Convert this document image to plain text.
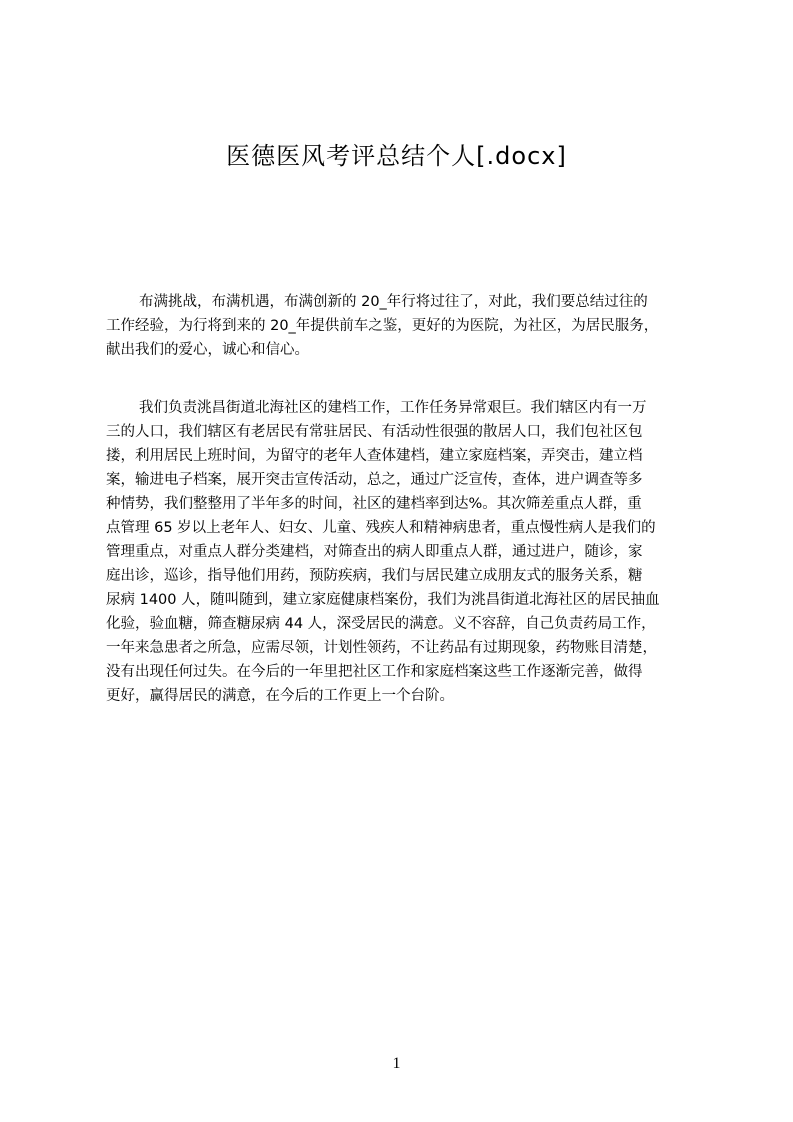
医德医风考评总结个人[.docx]
布满挑战，布满机遇，布满创新的 20_年行将过往了，对此，我们要总结过往的
工作经验，为行将到来的 20_年提供前车之鉴，更好的为医院，为社区，为居民服务，
献出我们的爱心，诚心和信心。
我们负责洮昌街道北海社区的建档工作，工作任务异常艰巨。我们辖区内有一万
三的人口，我们辖区有老居民有常驻居民、有活动性很强的散居人口，我们包社区包
搂，利用居民上班时间，为留守的老年人查体建档，建立家庭档案，弄突击，建立档
案，输进电子档案，展开突击宣传活动，总之，通过广泛宣传，查体，进户调查等多
种情势，我们整整用了半年多的时间，社区的建档率到达%。其次筛差重点人群，重
点管理 65 岁以上老年人、妇女、儿童、残疾人和精神病患者，重点慢性病人是我们的
管理重点，对重点人群分类建档，对筛查出的病人即重点人群，通过进户，随诊，家
庭出诊，巡诊，指导他们用药，预防疾病，我们与居民建立成朋友式的服务关系，糖
尿病 1400 人，随叫随到，建立家庭健康档案份，我们为洮昌街道北海社区的居民抽血
化验，验血糖，筛查糖尿病 44 人，深受居民的满意。义不容辞，自己负责药局工作，
一年来急患者之所急，应需尽领，计划性领药，不让药品有过期现象，药物账目清楚，
没有出现任何过失。在今后的一年里把社区工作和家庭档案这些工作逐渐完善，做得
更好，赢得居民的满意，在今后的工作更上一个台阶。
1
